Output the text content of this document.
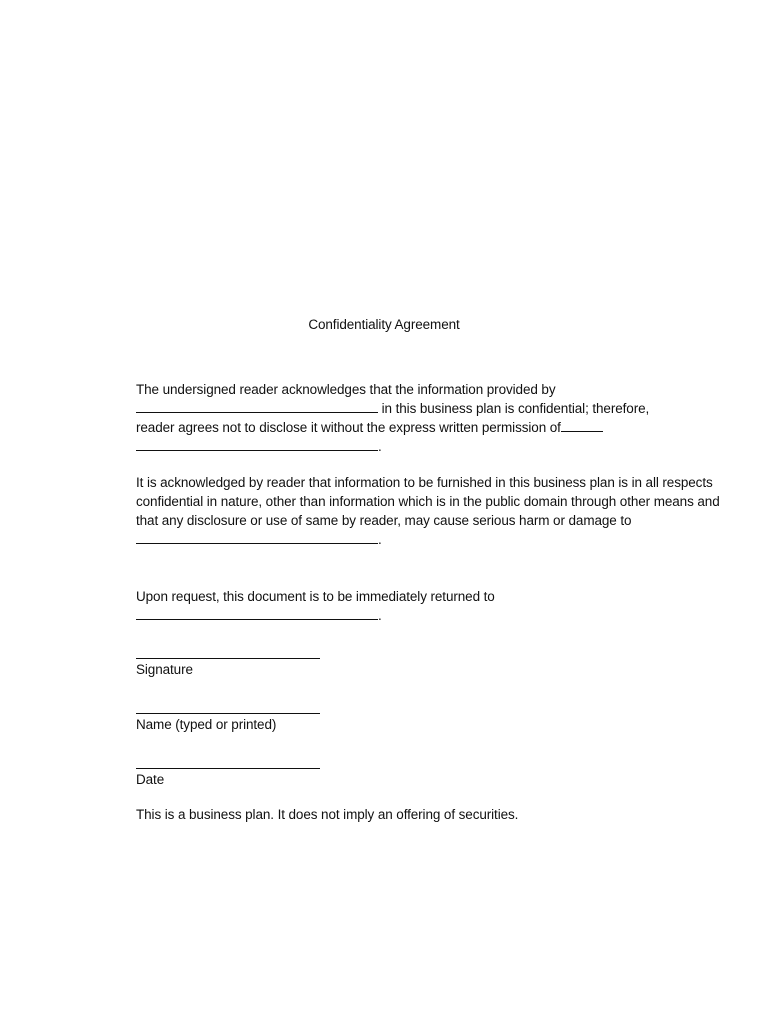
Confidentiality Agreement

The undersigned reader acknowledges that the information provided by
in this business plan is confidential; therefore,
reader agrees not to disclose it without the express written permission of
.

It is acknowledged by reader that information to be furnished in this business plan is in all respects confidential in nature, other than information which is in the public domain through other means and that any disclosure or use of same by reader, may cause serious harm or damage to
.

Upon request, this document is to be immediately returned to
.

Signature
Name (typed or printed)
Date

This is a business plan. It does not imply an offering of securities.
